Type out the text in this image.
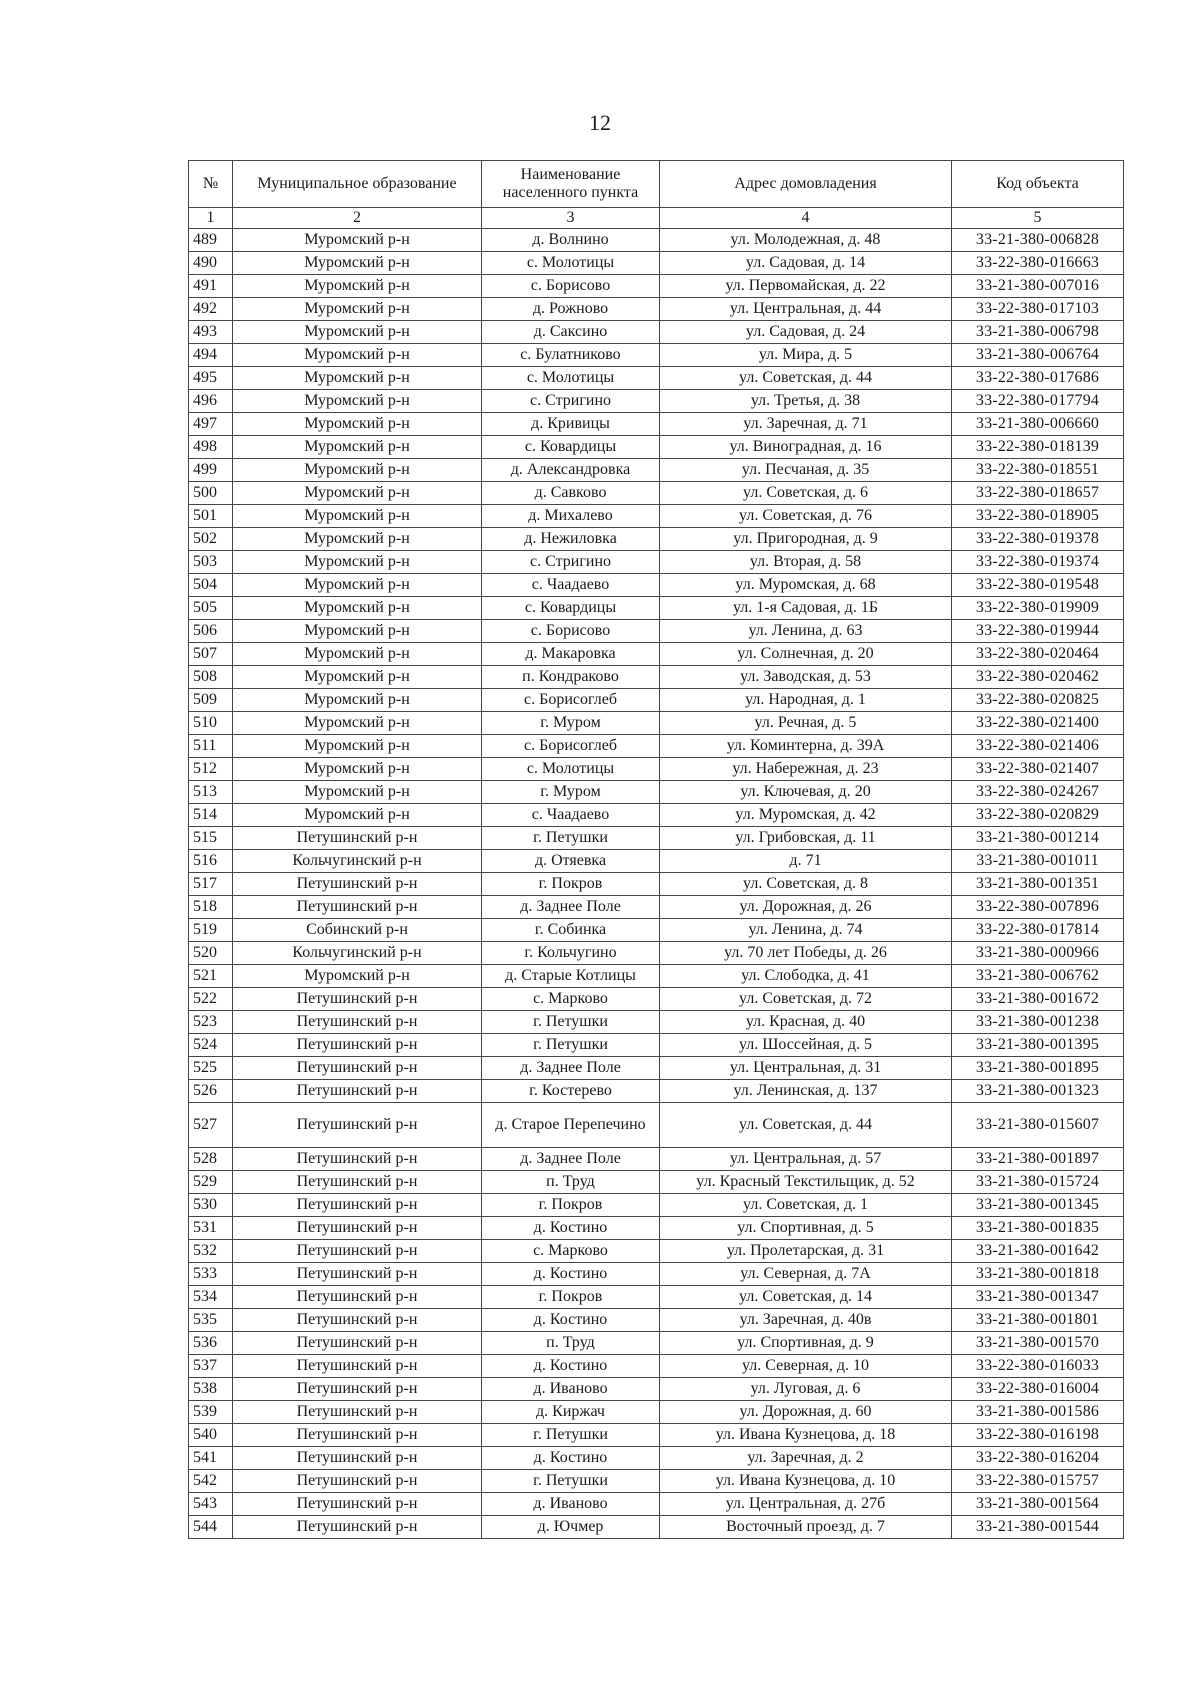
12
№	Муниципальное образование	Наименование населенного пункта	Адрес домовладения	Код объекта
1	2	3	4	5
489	Муромский р-н	д. Волнино	ул. Молодежная, д. 48	33-21-380-006828
490	Муромский р-н	с. Молотицы	ул. Садовая, д. 14	33-22-380-016663
491	Муромский р-н	с. Борисово	ул. Первомайская, д. 22	33-21-380-007016
492	Муромский р-н	д. Рожново	ул. Центральная, д. 44	33-22-380-017103
493	Муромский р-н	д. Саксино	ул. Садовая, д. 24	33-21-380-006798
494	Муромский р-н	с. Булатниково	ул. Мира, д. 5	33-21-380-006764
495	Муромский р-н	с. Молотицы	ул. Советская, д. 44	33-22-380-017686
496	Муромский р-н	с. Стригино	ул. Третья, д. 38	33-22-380-017794
497	Муромский р-н	д. Кривицы	ул. Заречная, д. 71	33-21-380-006660
498	Муромский р-н	с. Ковардицы	ул. Виноградная, д. 16	33-22-380-018139
499	Муромский р-н	д. Александровка	ул. Песчаная, д. 35	33-22-380-018551
500	Муромский р-н	д. Савково	ул. Советская, д. 6	33-22-380-018657
501	Муромский р-н	д. Михалево	ул. Советская, д. 76	33-22-380-018905
502	Муромский р-н	д. Нежиловка	ул. Пригородная, д. 9	33-22-380-019378
503	Муромский р-н	с. Стригино	ул. Вторая, д. 58	33-22-380-019374
504	Муромский р-н	с. Чаадаево	ул. Муромская, д. 68	33-22-380-019548
505	Муромский р-н	с. Ковардицы	ул. 1-я Садовая, д. 1Б	33-22-380-019909
506	Муромский р-н	с. Борисово	ул. Ленина, д. 63	33-22-380-019944
507	Муромский р-н	д. Макаровка	ул. Солнечная, д. 20	33-22-380-020464
508	Муромский р-н	п. Кондраково	ул. Заводская, д. 53	33-22-380-020462
509	Муромский р-н	с. Борисоглеб	ул. Народная, д. 1	33-22-380-020825
510	Муромский р-н	г. Муром	ул. Речная, д. 5	33-22-380-021400
511	Муромский р-н	с. Борисоглеб	ул. Коминтерна, д. 39А	33-22-380-021406
512	Муромский р-н	с. Молотицы	ул. Набережная, д. 23	33-22-380-021407
513	Муромский р-н	г. Муром	ул. Ключевая, д. 20	33-22-380-024267
514	Муромский р-н	с. Чаадаево	ул. Муромская, д. 42	33-22-380-020829
515	Петушинский р-н	г. Петушки	ул. Грибовская, д. 11	33-21-380-001214
516	Кольчугинский р-н	д. Отяевка	д. 71	33-21-380-001011
517	Петушинский р-н	г. Покров	ул. Советская, д. 8	33-21-380-001351
518	Петушинский р-н	д. Заднее Поле	ул. Дорожная, д. 26	33-22-380-007896
519	Собинский р-н	г. Собинка	ул. Ленина, д. 74	33-22-380-017814
520	Кольчугинский р-н	г. Кольчугино	ул. 70 лет Победы, д. 26	33-21-380-000966
521	Муромский р-н	д. Старые Котлицы	ул. Слободка, д. 41	33-21-380-006762
522	Петушинский р-н	с. Марково	ул. Советская, д. 72	33-21-380-001672
523	Петушинский р-н	г. Петушки	ул. Красная, д. 40	33-21-380-001238
524	Петушинский р-н	г. Петушки	ул. Шоссейная, д. 5	33-21-380-001395
525	Петушинский р-н	д. Заднее Поле	ул. Центральная, д. 31	33-21-380-001895
526	Петушинский р-н	г. Костерево	ул. Ленинская, д. 137	33-21-380-001323
527	Петушинский р-н	д. Старое Перепечино	ул. Советская, д. 44	33-21-380-015607
528	Петушинский р-н	д. Заднее Поле	ул. Центральная, д. 57	33-21-380-001897
529	Петушинский р-н	п. Труд	ул. Красный Текстильщик, д. 52	33-21-380-015724
530	Петушинский р-н	г. Покров	ул. Советская, д. 1	33-21-380-001345
531	Петушинский р-н	д. Костино	ул. Спортивная, д. 5	33-21-380-001835
532	Петушинский р-н	с. Марково	ул. Пролетарская, д. 31	33-21-380-001642
533	Петушинский р-н	д. Костино	ул. Северная, д. 7А	33-21-380-001818
534	Петушинский р-н	г. Покров	ул. Советская, д. 14	33-21-380-001347
535	Петушинский р-н	д. Костино	ул. Заречная, д. 40в	33-21-380-001801
536	Петушинский р-н	п. Труд	ул. Спортивная, д. 9	33-21-380-001570
537	Петушинский р-н	д. Костино	ул. Северная, д. 10	33-22-380-016033
538	Петушинский р-н	д. Иваново	ул. Луговая, д. 6	33-22-380-016004
539	Петушинский р-н	д. Киржач	ул. Дорожная, д. 60	33-21-380-001586
540	Петушинский р-н	г. Петушки	ул. Ивана Кузнецова, д. 18	33-22-380-016198
541	Петушинский р-н	д. Костино	ул. Заречная, д. 2	33-22-380-016204
542	Петушинский р-н	г. Петушки	ул. Ивана Кузнецова, д. 10	33-22-380-015757
543	Петушинский р-н	д. Иваново	ул. Центральная, д. 27б	33-21-380-001564
544	Петушинский р-н	д. Ючмер	Восточный проезд, д. 7	33-21-380-001544
